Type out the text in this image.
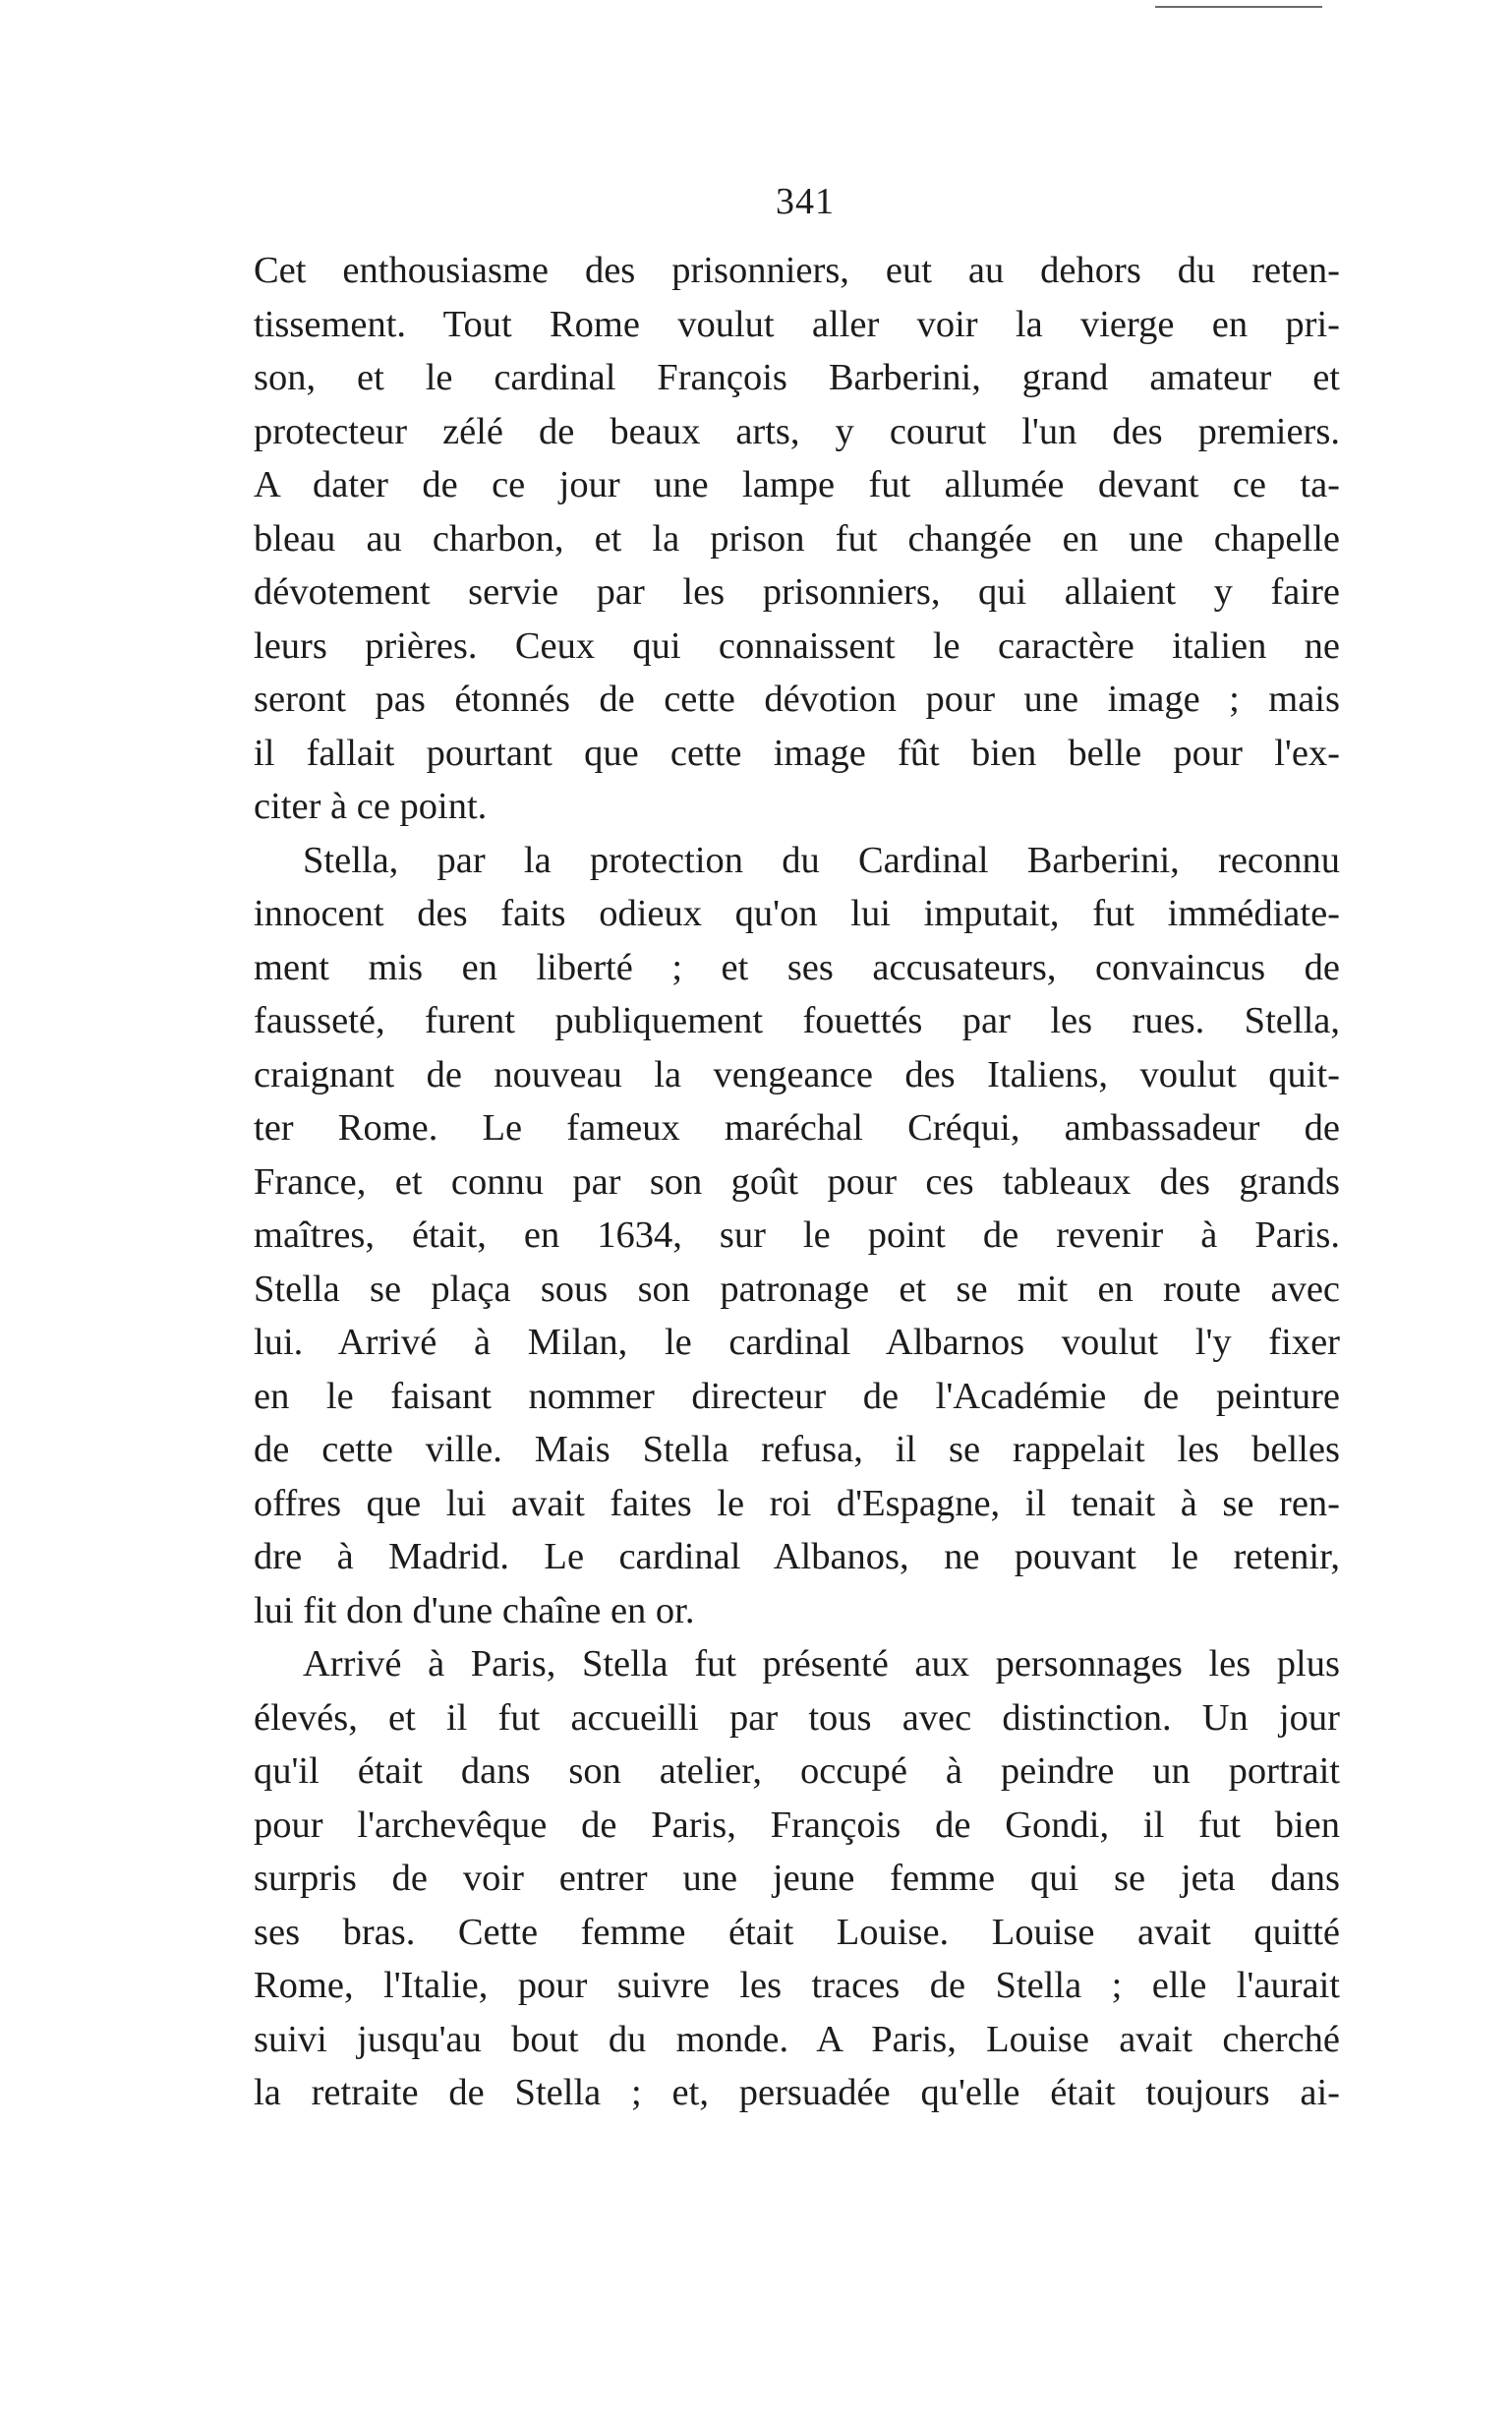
341
Cet enthousiasme des prisonniers, eut au dehors du reten-
tissement. Tout Rome voulut aller voir la vierge en pri-
son, et le cardinal François Barberini, grand amateur et
protecteur zélé de beaux arts, y courut l'un des premiers.
A dater de ce jour une lampe fut allumée devant ce ta-
bleau au charbon, et la prison fut changée en une chapelle
dévotement servie par les prisonniers, qui allaient y faire
leurs prières. Ceux qui connaissent le caractère italien ne
seront pas étonnés de cette dévotion pour une image ; mais
il fallait pourtant que cette image fût bien belle pour l'ex-
citer à ce point.
Stella, par la protection du Cardinal Barberini, reconnu
innocent des faits odieux qu'on lui imputait, fut immédiate-
ment mis en liberté ; et ses accusateurs, convaincus de
fausseté, furent publiquement fouettés par les rues. Stella,
craignant de nouveau la vengeance des Italiens, voulut quit-
ter Rome. Le fameux maréchal Créqui, ambassadeur de
France, et connu par son goût pour ces tableaux des grands
maîtres, était, en 1634, sur le point de revenir à Paris.
Stella se plaça sous son patronage et se mit en route avec
lui. Arrivé à Milan, le cardinal Albarnos voulut l'y fixer
en le faisant nommer directeur de l'Académie de peinture
de cette ville. Mais Stella refusa, il se rappelait les belles
offres que lui avait faites le roi d'Espagne, il tenait à se ren-
dre à Madrid. Le cardinal Albanos, ne pouvant le retenir,
lui fit don d'une chaîne en or.
Arrivé à Paris, Stella fut présenté aux personnages les plus
élevés, et il fut accueilli par tous avec distinction. Un jour
qu'il était dans son atelier, occupé à peindre un portrait
pour l'archevêque de Paris, François de Gondi, il fut bien
surpris de voir entrer une jeune femme qui se jeta dans
ses bras. Cette femme était Louise. Louise avait quitté
Rome, l'Italie, pour suivre les traces de Stella ; elle l'aurait
suivi jusqu'au bout du monde. A Paris, Louise avait cherché
la retraite de Stella ; et, persuadée qu'elle était toujours ai-
